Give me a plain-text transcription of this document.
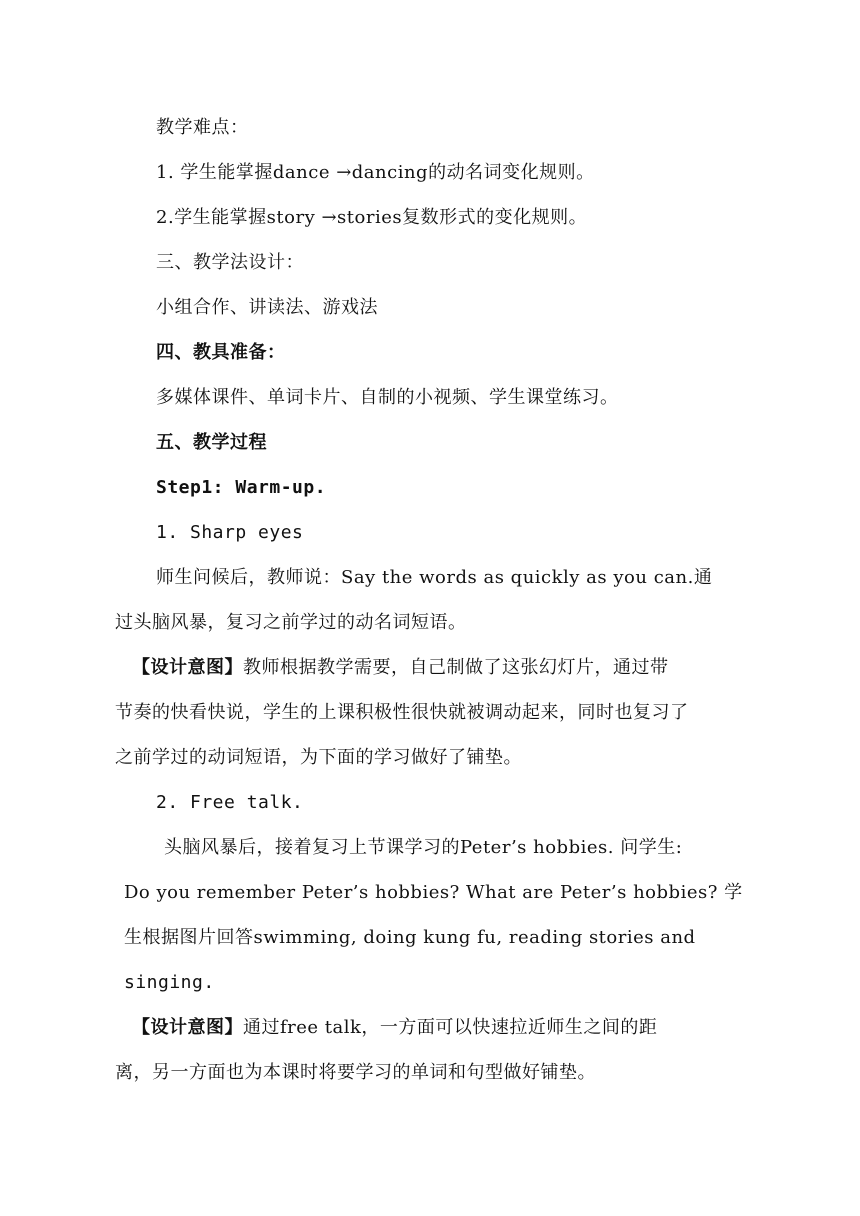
教学难点：
1. 学生能掌握dance →dancing的动名词变化规则。
2.学生能掌握story →stories复数形式的变化规则。
三、教学法设计：
小组合作、讲读法、游戏法
四、教具准备：
多媒体课件、单词卡片、自制的小视频、学生课堂练习。
五、教学过程
Step1: Warm-up.
1. Sharp eyes
师生问候后，教师说：Say the words as quickly as you can.通
过头脑风暴，复习之前学过的动名词短语。
【设计意图】教师根据教学需要，自己制做了这张幻灯片，通过带
节奏的快看快说，学生的上课积极性很快就被调动起来，同时也复习了
之前学过的动词短语，为下面的学习做好了铺垫。
2. Free talk.
头脑风暴后，接着复习上节课学习的Peter’s hobbies. 问学生:
Do you remember Peter’s hobbies? What are Peter’s hobbies? 学
生根据图片回答swimming, doing kung fu, reading stories and
singing.
【设计意图】通过free talk，一方面可以快速拉近师生之间的距
离，另一方面也为本课时将要学习的单词和句型做好铺垫。
